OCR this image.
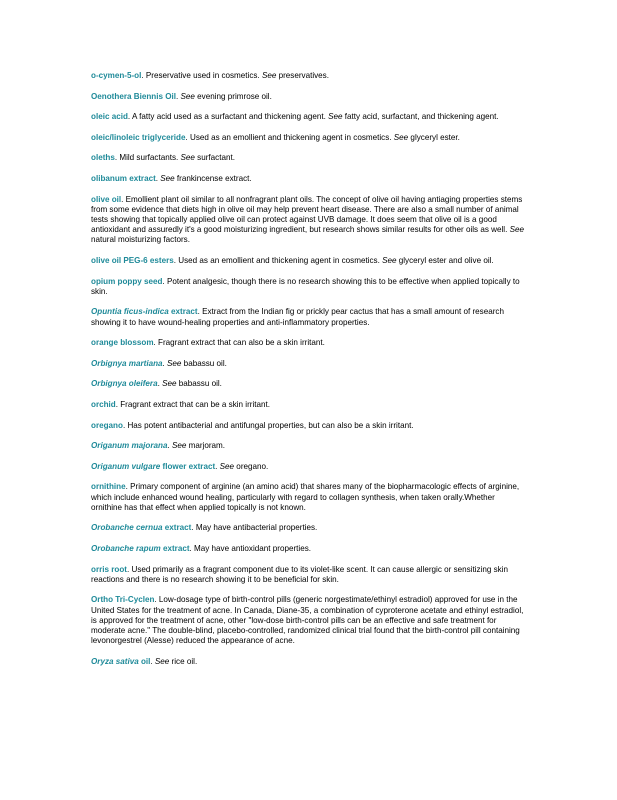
o-cymen-5-ol. Preservative used in cosmetics. See preservatives.

Oenothera Biennis Oil. See evening primrose oil.

oleic acid. A fatty acid used as a surfactant and thickening agent. See fatty acid, surfactant, and thickening agent.

oleic/linoleic triglyceride. Used as an emollient and thickening agent in cosmetics. See glyceryl ester.

oleths. Mild surfactants. See surfactant.

olibanum extract. See frankincense extract.

olive oil. Emollient plant oil similar to all nonfragrant plant oils. The concept of olive oil having antiaging properties stems from some evidence that diets high in olive oil may help prevent heart disease. There are also a small number of animal tests showing that topically applied olive oil can protect against UVB damage. It does seem that olive oil is a good antioxidant and assuredly it's a good moisturizing ingredient, but research shows similar results for other oils as well. See natural moisturizing factors.

olive oil PEG-6 esters. Used as an emollient and thickening agent in cosmetics. See glyceryl ester and olive oil.

opium poppy seed. Potent analgesic, though there is no research showing this to be effective when applied topically to skin.

Opuntia ficus-indica extract. Extract from the Indian fig or prickly pear cactus that has a small amount of research showing it to have wound-healing properties and anti-inflammatory properties.

orange blossom. Fragrant extract that can also be a skin irritant.

Orbignya martiana. See babassu oil.

Orbignya oleifera. See babassu oil.

orchid. Fragrant extract that can be a skin irritant.

oregano. Has potent antibacterial and antifungal properties, but can also be a skin irritant.

Origanum majorana. See marjoram.

Origanum vulgare flower extract. See oregano.

ornithine. Primary component of arginine (an amino acid) that shares many of the biopharmacologic effects of arginine, which include enhanced wound healing, particularly with regard to collagen synthesis, when taken orally.Whether ornithine has that effect when applied topically is not known.

Orobanche cernua extract. May have antibacterial properties.

Orobanche rapum extract. May have antioxidant properties.

orris root. Used primarily as a fragrant component due to its violet-like scent. It can cause allergic or sensitizing skin reactions and there is no research showing it to be beneficial for skin.

Ortho Tri-Cyclen. Low-dosage type of birth-control pills (generic norgestimate/ethinyl estradiol) approved for use in the United States for the treatment of acne. In Canada, Diane-35, a combination of cyproterone acetate and ethinyl estradiol, is approved for the treatment of acne, other "low-dose birth-control pills can be an effective and safe treatment for moderate acne." The double-blind, placebo-controlled, randomized clinical trial found that the birth-control pill containing levonorgestrel (Alesse) reduced the appearance of acne.

Oryza sativa oil. See rice oil.
